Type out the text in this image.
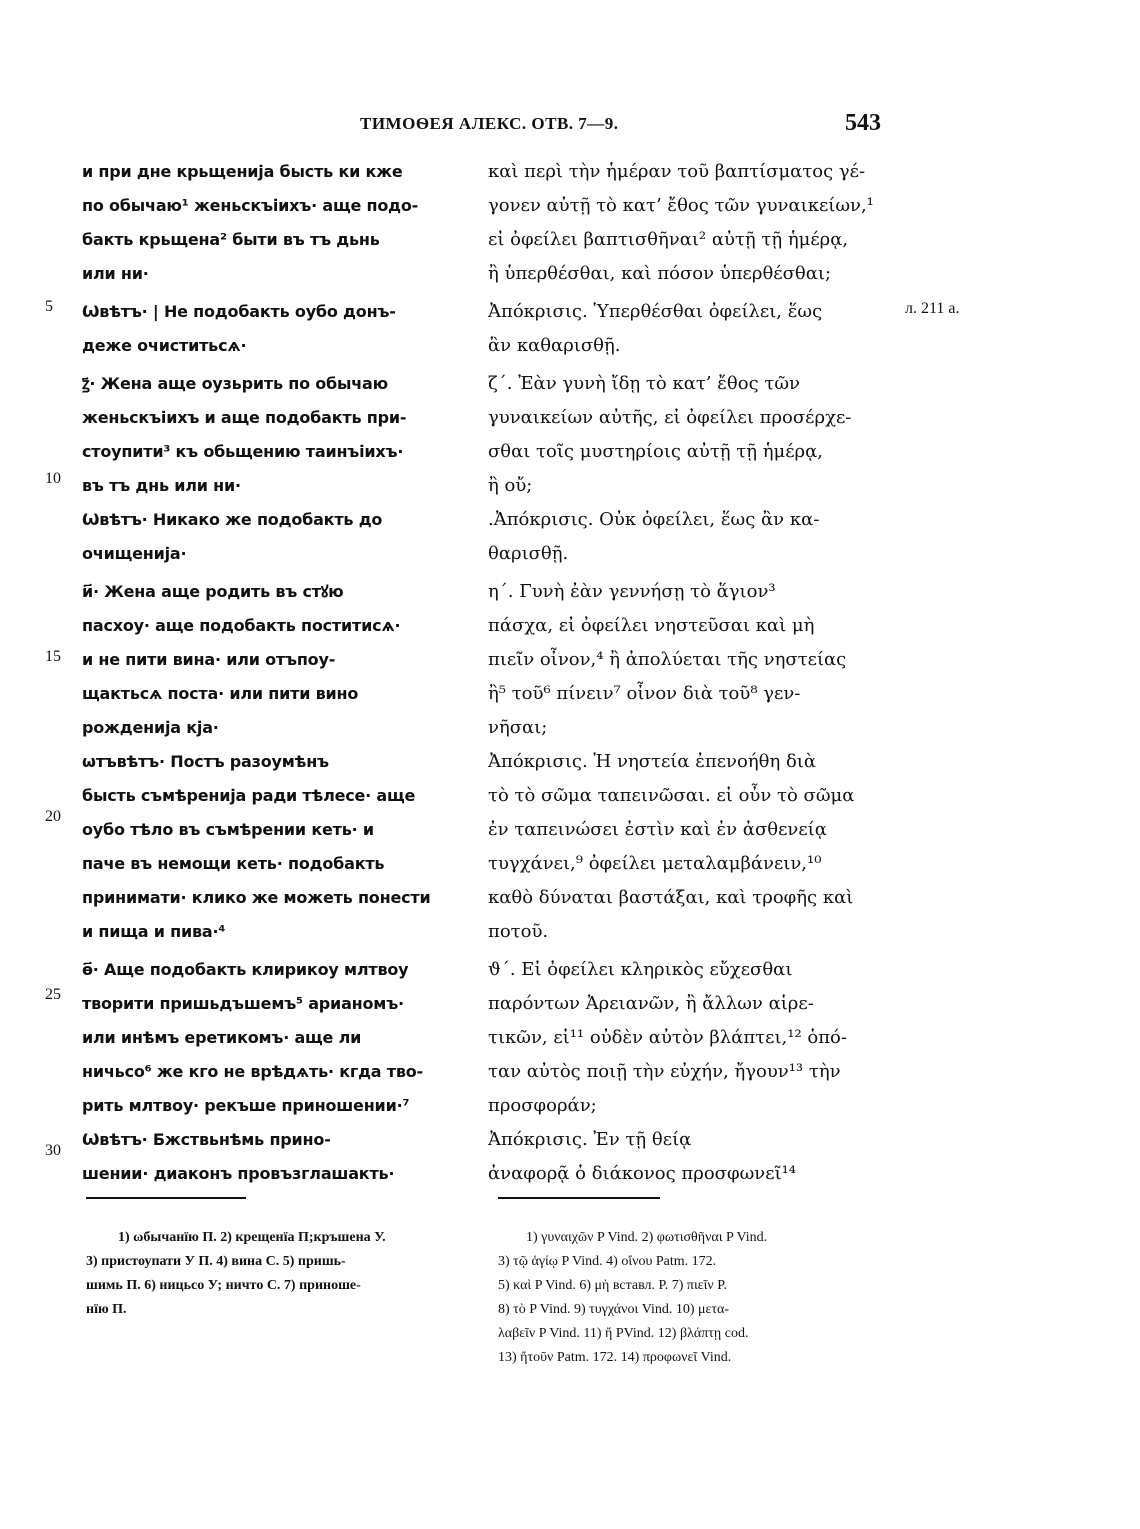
ТИМОѲЕЯ АЛЕКС. ОТВ. 7—9.	543
5
10
15
20
25
30
л. 211 а.
и при дне крьщенија бысть ки кже
по обычаю¹ женьскъіихъ· аще подо-
бакть крьщена² быти въ тъ дьнь
или ни·
Ѡвѣтъ· | Не подобакть оубо донъ-
деже очиститьсѧ·
ꙁ҃· Жена аще оузьрить по обычаю
женьскъіихъ и аще подобакть при-
стоупити³ къ обьщению таинъіихъ·
въ тъ днь или ни·
Ѡвѣтъ· Никако же подобакть до
очищенија·
и҃· Жена аще родить въ стꙋю
пасхоу· аще подобакть поститисѧ·
и не пити вина· или отъпоу-
щактьсѧ поста· или пити вино
рожденија кја·
ѡтъвѣтъ· Постъ разоумѣнъ
бысть съмѣренија ради тѣлесе· аще
оубо тѣло въ съмѣрении кеть· и
паче въ немощи кеть· подобакть
принимати· клико же можеть понести
и пища и пива·⁴
ѳ҃· Аще подобакть клирикоу млтвоу
творити пришьдъшемъ⁵ арианомъ·
или инѣмъ еретикомъ· аще ли
ничьсо⁶ же кго не врѣдѧть· кгда тво-
рить млтвоу· рекъше приношении·⁷
Ѡвѣтъ· Бжствьнѣмь прино-
шении· диаконъ провъзглашакть·
καὶ περὶ τὴν ἡμέραν τοῦ βαπτίσματος γέ-
γονεν αὐτῇ τὸ κατ’ ἔθος τῶν γυναικείων,¹
εἰ ὀφείλει βαπτισθῆναι² αὐτῇ τῇ ἡμέρᾳ,
ἢ ὑπερθέσθαι, καὶ πόσον ὑπερθέσθαι;
Ἀπόκρισις. Ὑπερθέσθαι ὀφείλει, ἕως
ἂν καθαρισθῇ.
ζ΄. Ἐὰν γυνὴ ἴδῃ τὸ κατ’ ἔθος τῶν
γυναικείων αὐτῆς, εἰ ὀφείλει προσέρχε-
σθαι τοῖς μυστηρίοις αὐτῇ τῇ ἡμέρᾳ,
ἢ οὔ;
.Ἀπόκρισις. Οὐκ ὀφείλει, ἕως ἂν κα-
θαρισθῇ.
η΄. Γυνὴ ἐὰν γεννήσῃ τὸ ἅγιον³
πάσχα, εἰ ὀφείλει νηστεῦσαι καὶ μὴ
πιεῖν οἶνον,⁴ ἢ ἀπολύεται τῆς νηστείας
ἢ⁵ τοῦ⁶ πίνειν⁷ οἶνον διὰ τοῦ⁸ γεν-
νῆσαι;
Ἀπόκρισις. Ἡ νηστεία ἐπενοήθη διὰ
τὸ τὸ σῶμα ταπεινῶσαι. εἰ οὖν τὸ σῶμα
ἐν ταπεινώσει ἐστὶν καὶ ἐν ἀσθενείᾳ
τυγχάνει,⁹ ὀφείλει μεταλαμβάνειν,¹⁰
καθὸ δύναται βαστάξαι, καὶ τροφῆς καὶ
ποτοῦ.
ϑ΄. Εἰ ὀφείλει κληρικὸς εὔχεσθαι
παρόντων Ἀρειανῶν, ἢ ἄλλων αἱρε-
τικῶν, εἰ¹¹ οὐδὲν αὐτὸν βλάπτει,¹² ὁπό-
ταν αὐτὸς ποιῇ τὴν εὐχήν, ἤγουν¹³ τὴν
προσφοράν;
Ἀπόκρισις. Ἐν τῇ θείᾳ
ἀναφορᾷ ὁ διάκονος προσφωνεῖ¹⁴
1) ωбычанїю П. 2) крещенїа П;кръшена У.
3) пристоупати У П. 4) вина С. 5) пришь-
шимь П. 6) ницьсо У; ничто С. 7) приноше-
нїю П.
1) γυναιχῶν P Vind. 2) φωτισθῆναι P Vind.
3) τῷ ἁγίῳ P Vind. 4) οἴνου Patm. 172.
5) καὶ P Vind. 6) μὴ вставл. P. 7) πιεῖν P.
8) τὸ P Vind. 9) τυγχάνοι Vind. 10) μετα-
λαβεῖν P Vind. 11) ἤ PVind. 12) βλάπτῃ cod.
13) ἤτοῦν Patm. 172. 14) προφωνεῖ Vind.
